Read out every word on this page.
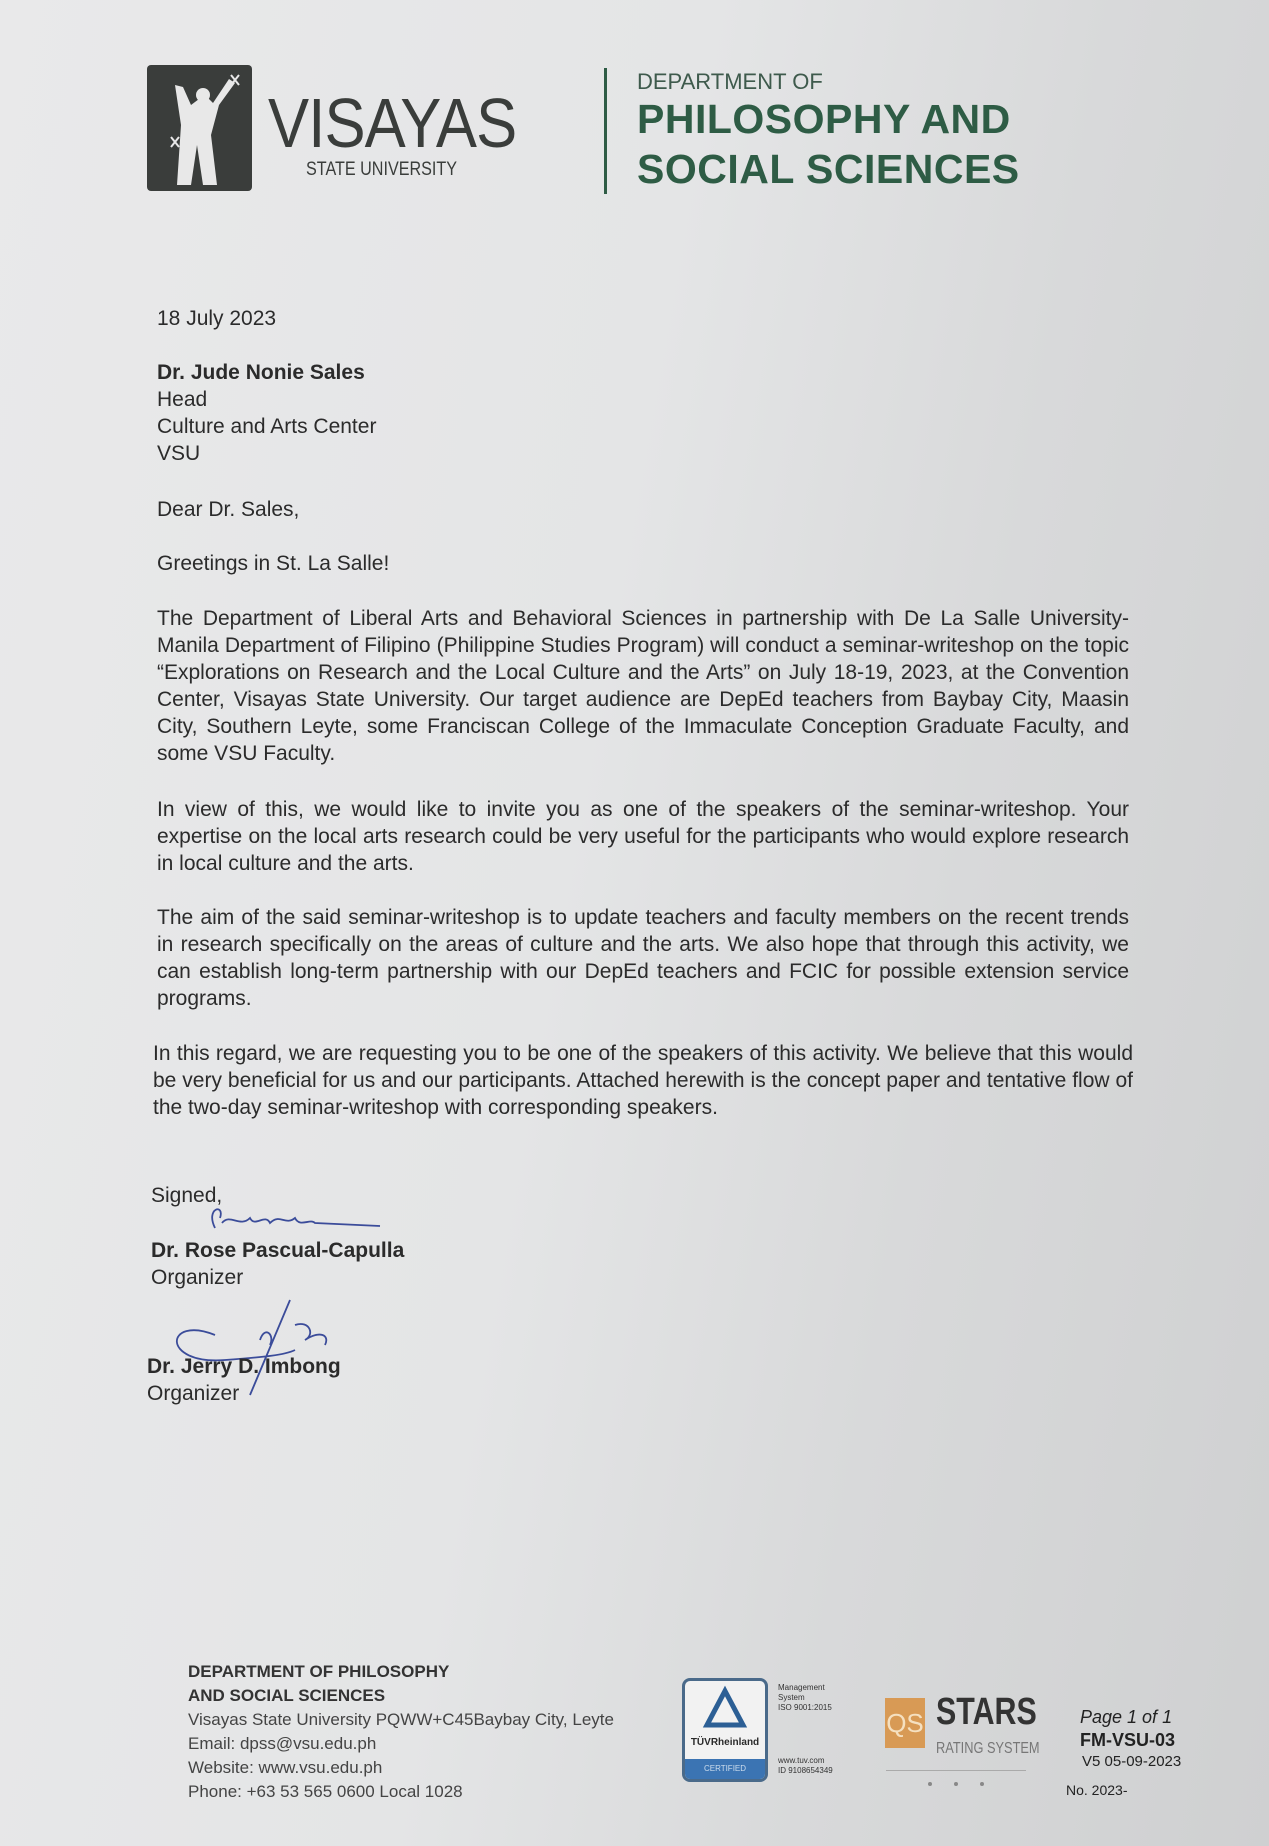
VISAYAS
STATE UNIVERSITY
DEPARTMENT OF
PHILOSOPHY AND
SOCIAL SCIENCES
18 July 2023
Dr. Jude Nonie Sales
Head
Culture and Arts Center
VSU
Dear Dr. Sales,
Greetings in St. La Salle!
The Department of Liberal Arts and Behavioral Sciences in partnership with De La Salle University-Manila Department of Filipino (Philippine Studies Program) will conduct a seminar-writeshop on the topic “Explorations on Research and the Local Culture and the Arts” on July 18-19, 2023, at the Convention Center, Visayas State University. Our target audience are DepEd teachers from Baybay City, Maasin City, Southern Leyte, some Franciscan College of the Immaculate Conception Graduate Faculty, and some VSU Faculty.
In view of this, we would like to invite you as one of the speakers of the seminar-writeshop. Your expertise on the local arts research could be very useful for the participants who would explore research in local culture and the arts.
The aim of the said seminar-writeshop is to update teachers and faculty members on the recent trends in research specifically on the areas of culture and the arts. We also hope that through this activity, we can establish long-term partnership with our DepEd teachers and FCIC for possible extension service programs.
In this regard, we are requesting you to be one of the speakers of this activity. We believe that this would be very beneficial for us and our participants. Attached herewith is the concept paper and tentative flow of the two-day seminar-writeshop with corresponding speakers.
Signed,
Dr. Rose Pascual-Capulla
Organizer
Dr. Jerry D. Imbong
Organizer
DEPARTMENT OF PHILOSOPHY
AND SOCIAL SCIENCES
Visayas State University PQWW+C45Baybay City, Leyte
Email: dpss@vsu.edu.ph
Website: www.vsu.edu.ph
Phone: +63 53 565 0600 Local 1028
TÜVRheinland
CERTIFIED
Management
System
ISO 9001:2015
www.tuv.com
ID 9108654349
QS STARS
RATING SYSTEM
Page 1 of 1
FM-VSU-03
V5 05-09-2023
No. 2023-
